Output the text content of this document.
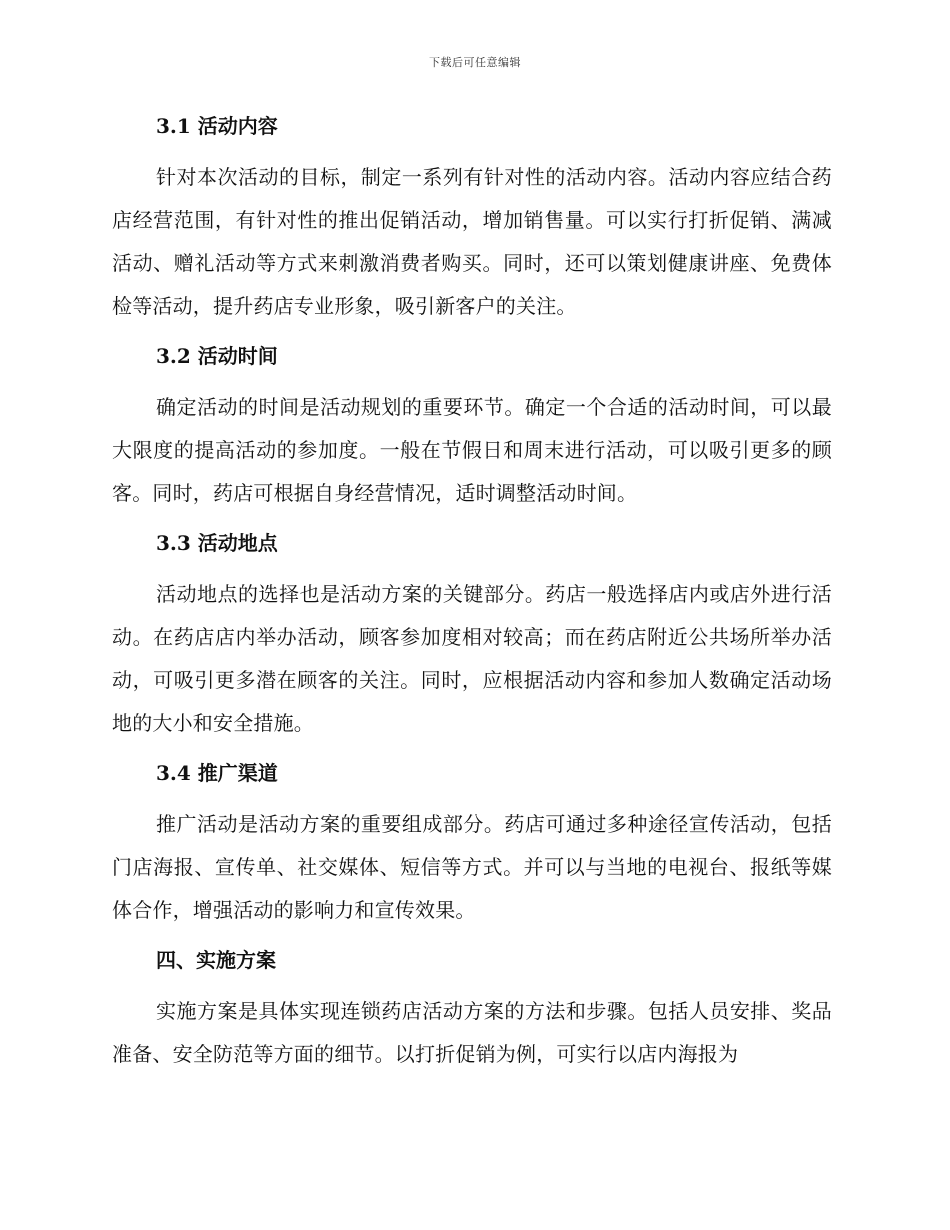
下载后可任意编辑
3.1 活动内容
针对本次活动的目标，制定一系列有针对性的活动内容。活动内容应结合药店经营范围，有针对性的推出促销活动，增加销售量。可以实行打折促销、满减活动、赠礼活动等方式来刺激消费者购买。同时，还可以策划健康讲座、免费体检等活动，提升药店专业形象，吸引新客户的关注。
3.2 活动时间
确定活动的时间是活动规划的重要环节。确定一个合适的活动时间，可以最大限度的提高活动的参加度。一般在节假日和周末进行活动，可以吸引更多的顾客。同时，药店可根据自身经营情况，适时调整活动时间。
3.3 活动地点
活动地点的选择也是活动方案的关键部分。药店一般选择店内或店外进行活动。在药店店内举办活动，顾客参加度相对较高；而在药店附近公共场所举办活动，可吸引更多潜在顾客的关注。同时，应根据活动内容和参加人数确定活动场地的大小和安全措施。
3.4 推广渠道
推广活动是活动方案的重要组成部分。药店可通过多种途径宣传活动，包括门店海报、宣传单、社交媒体、短信等方式。并可以与当地的电视台、报纸等媒体合作，增强活动的影响力和宣传效果。
四、实施方案
实施方案是具体实现连锁药店活动方案的方法和步骤。包括人员安排、奖品准备、安全防范等方面的细节。以打折促销为例，可实行以店内海报为
